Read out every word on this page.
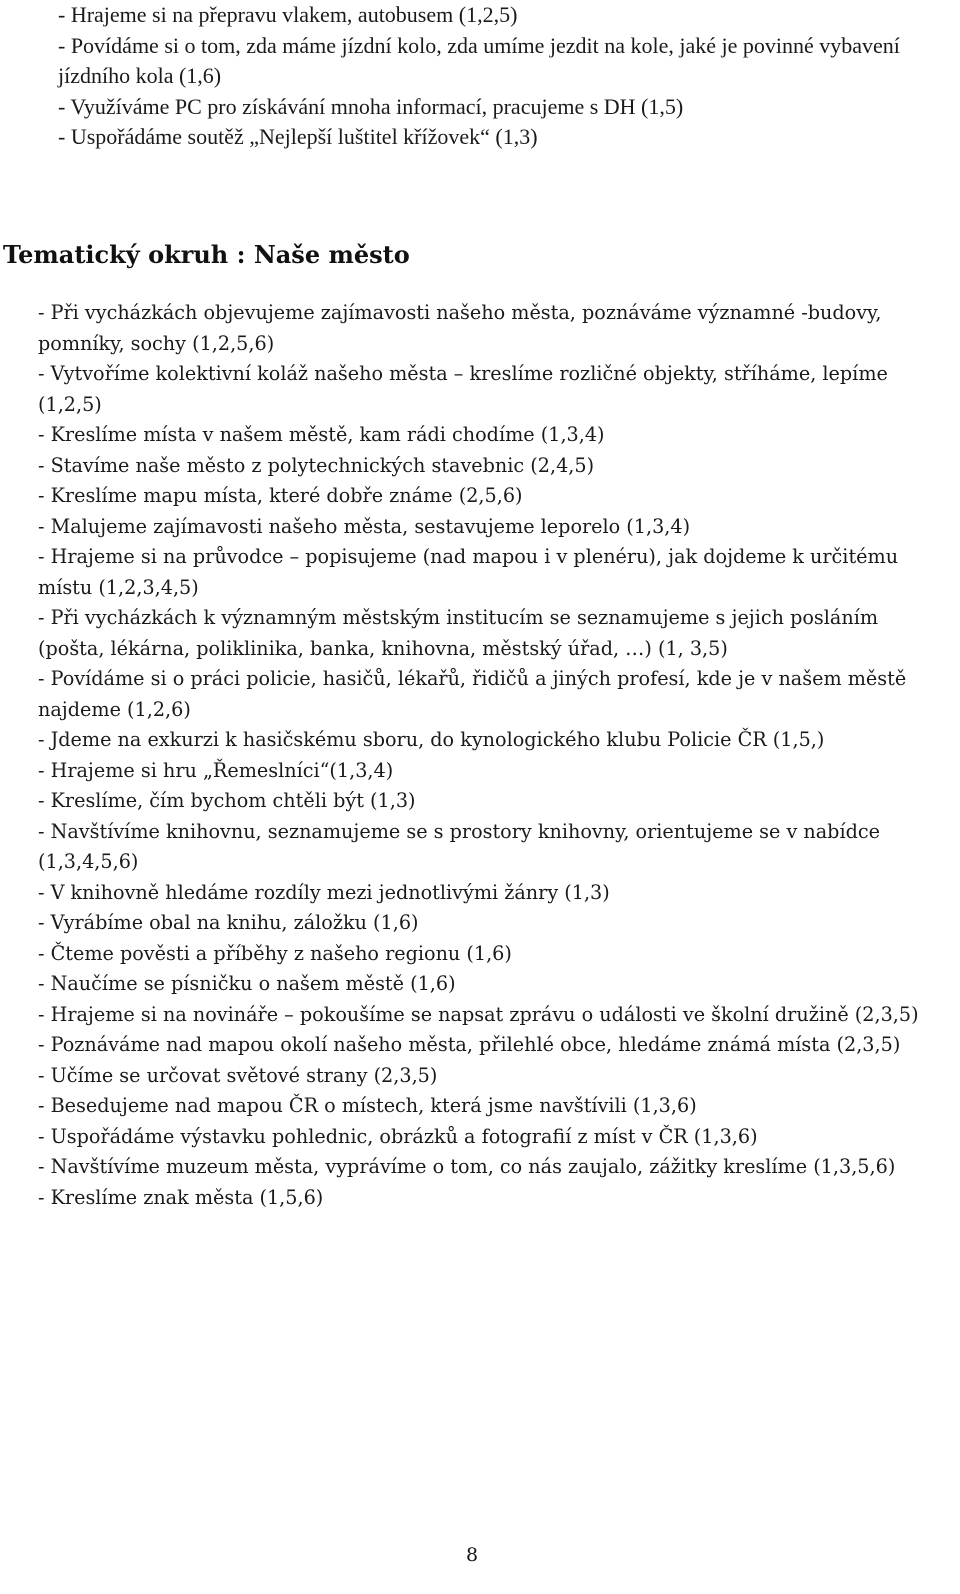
- Hrajeme si na přepravu vlakem, autobusem (1,2,5)

- Povídáme si o tom, zda máme jízdní kolo, zda umíme jezdit na kole, jaké je povinné vybavení jízdního kola (1,6)

- Využíváme PC pro získávání mnoha informací, pracujeme s DH (1,5)

- Uspořádáme soutěž „Nejlepší luštitel křížovek“ (1,3)

Tematický okruh : Naše město
- Při vycházkách objevujeme zajímavosti našeho města, poznáváme významné -budovy, pomníky, sochy (1,2,5,6)
- Vytvoříme kolektivní koláž našeho města – kreslíme rozličné objekty, stříháme, lepíme (1,2,5)
- Kreslíme místa v našem městě, kam rádi chodíme (1,3,4)
- Stavíme naše město z polytechnických stavebnic (2,4,5)
- Kreslíme mapu místa, které dobře známe (2,5,6)
- Malujeme zajímavosti našeho města, sestavujeme leporelo (1,3,4)
- Hrajeme si na průvodce – popisujeme (nad mapou i v plenéru), jak dojdeme k určitému místu (1,2,3,4,5)
- Při vycházkách k významným městským institucím se seznamujeme s jejich posláním (pošta, lékárna, poliklinika, banka, knihovna, městský úřad, …) (1, 3,5)
- Povídáme si o práci policie, hasičů, lékařů, řidičů a jiných profesí, kde je v našem městě najdeme (1,2,6)
- Jdeme na exkurzi k hasičskému sboru, do kynologického klubu Policie ČR (1,5,)
- Hrajeme si hru „Řemeslníci“(1,3,4)
- Kreslíme, čím bychom chtěli být (1,3)
- Navštívíme knihovnu, seznamujeme se s prostory knihovny, orientujeme se v nabídce (1,3,4,5,6)
- V knihovně hledáme rozdíly mezi jednotlivými žánry (1,3)
- Vyrábíme obal na knihu, záložku (1,6)
- Čteme pověsti a příběhy z našeho regionu (1,6)
- Naučíme se písničku o našem městě (1,6)
- Hrajeme si na novináře – pokoušíme se napsat zprávu o události ve školní družině (2,3,5)
- Poznáváme nad mapou okolí našeho města, přilehlé obce, hledáme známá místa (2,3,5)
- Učíme se určovat světové strany (2,3,5)
- Besedujeme nad mapou ČR o místech, která jsme navštívili (1,3,6)
- Uspořádáme výstavku pohlednic, obrázků a fotografií z míst v ČR (1,3,6)
- Navštívíme muzeum města, vyprávíme o tom, co nás zaujalo, zážitky kreslíme (1,3,5,6)
- Kreslíme znak města (1,5,6)
8
